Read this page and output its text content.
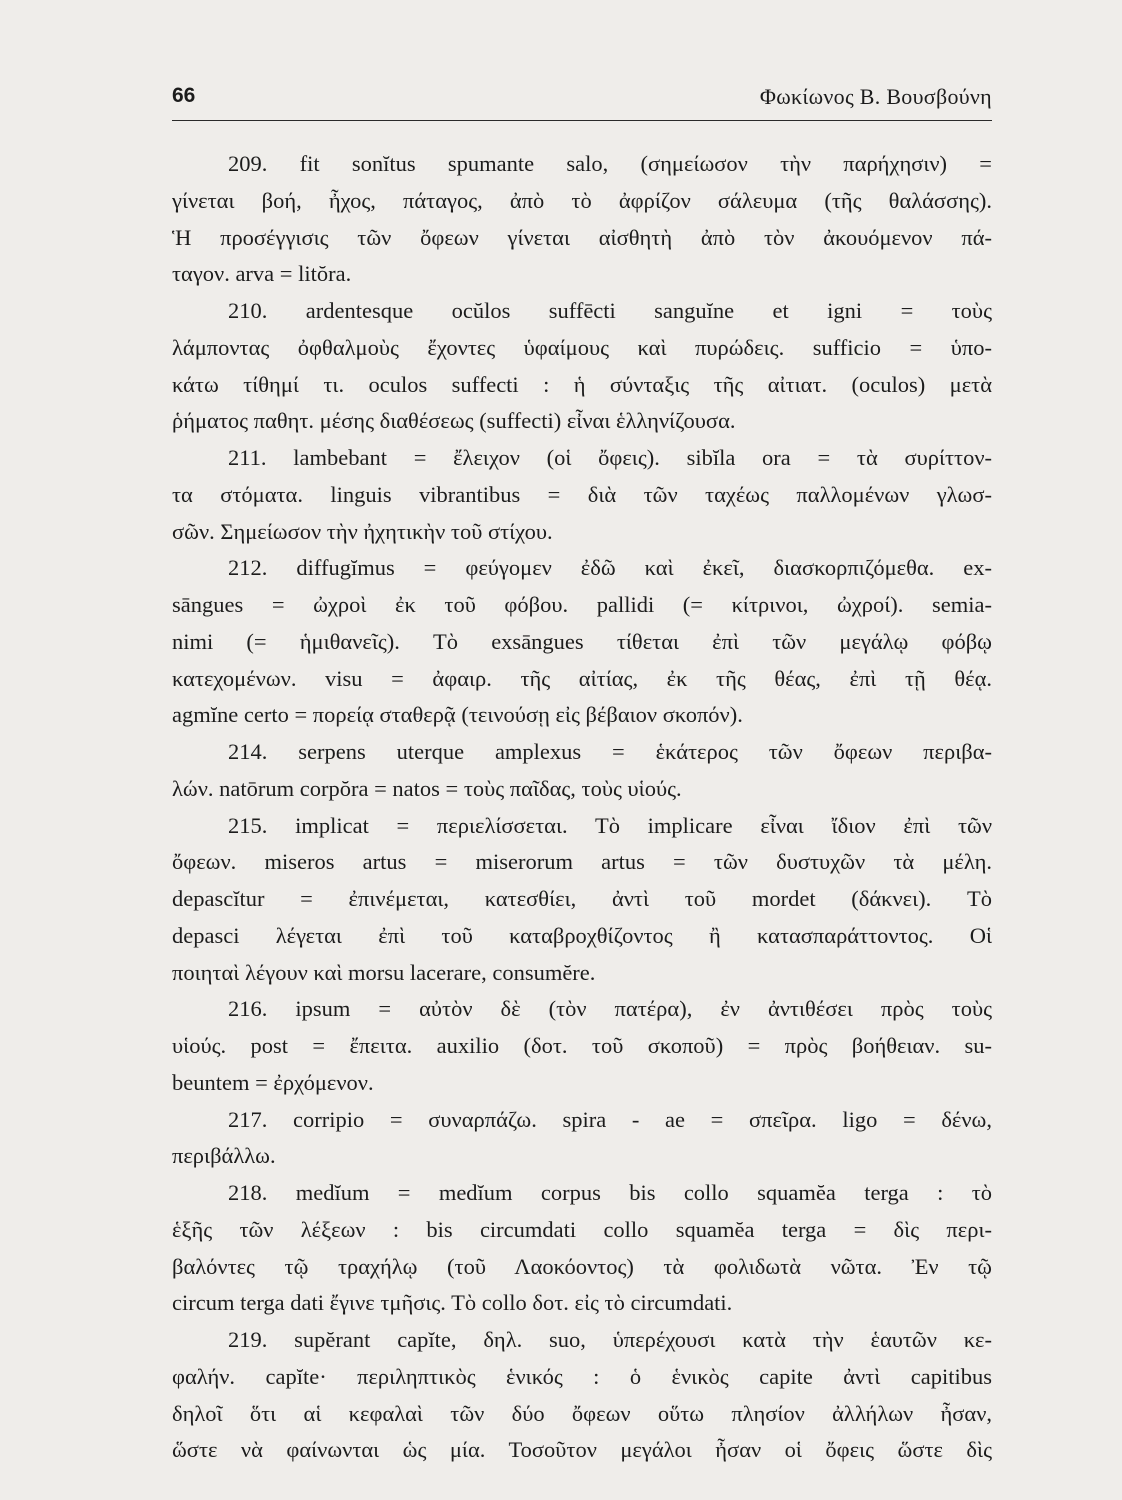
66	Φωκίωνος Β. Βουσβούνη
209. fit sonĭtus spumante salo, (σημείωσον τὴν παρήχησιν) =
γίνεται βοή, ἦχος, πάταγος, ἀπὸ τὸ ἀφρίζον σάλευμα (τῆς θαλάσσης).
Ἡ προσέγγισις τῶν ὄφεων γίνεται αἰσθητὴ ἀπὸ τὸν ἀκουόμενον πά-
ταγον. arva = litŏra.
210. ardentesque ocŭlos suffēcti sanguĭne et igni = τοὺς
λάμποντας ὀφθαλμοὺς ἔχοντες ὑφαίμους καὶ πυρώδεις. sufficio = ὑπο-
κάτω τίθημί τι. oculos suffecti : ἡ σύνταξις τῆς αἰτιατ. (oculos) μετὰ
ῥήματος παθητ. μέσης διαθέσεως (suffecti) εἶναι ἑλληνίζουσα.
211. lambebant = ἔλειχον (οἱ ὄφεις). sibĭla ora = τὰ συρίττον-
τα στόματα. linguis vibrantibus = διὰ τῶν ταχέως παλλομένων γλωσ-
σῶν. Σημείωσον τὴν ἠχητικὴν τοῦ στίχου.
212. diffugĭmus = φεύγομεν ἐδῶ καὶ ἐκεῖ, διασκορπιζόμεθα. ex-
sāngues = ὠχροὶ ἐκ τοῦ φόβου. pallidi (= κίτρινοι, ὠχροί). semia-
nimi (= ἡμιθανεῖς). Τὸ exsāngues τίθεται ἐπὶ τῶν μεγάλῳ φόβῳ
κατεχομένων. visu = ἀφαιρ. τῆς αἰτίας, ἐκ τῆς θέας, ἐπὶ τῇ θέᾳ.
agmĭne certo = πορείᾳ σταθερᾷ (τεινούσῃ εἰς βέβαιον σκοπόν).
214. serpens uterque amplexus = ἑκάτερος τῶν ὄφεων περιβα-
λών. natōrum corpŏra = natos = τοὺς παῖδας, τοὺς υἱούς.
215. implicat = περιελίσσεται. Τὸ implicare εἶναι ἴδιον ἐπὶ τῶν
ὄφεων. miseros artus = miserorum artus = τῶν δυστυχῶν τὰ μέλη.
depascĭtur = ἐπινέμεται, κατεσθίει, ἀντὶ τοῦ mordet (δάκνει). Τὸ
depasci λέγεται ἐπὶ τοῦ καταβροχθίζοντος ἢ κατασπαράττοντος. Οἱ
ποιηταὶ λέγουν καὶ morsu lacerare, consumĕre.
216. ipsum = αὐτὸν δὲ (τὸν πατέρα), ἐν ἀντιθέσει πρὸς τοὺς
υἱούς. post = ἔπειτα. auxilio (δοτ. τοῦ σκοποῦ) = πρὸς βοήθειαν. su-
beuntem = ἐρχόμενον.
217. corripio = συναρπάζω. spira - ae = σπεῖρα. ligo = δένω,
περιβάλλω.
218. medĭum = medĭum corpus bis collo squamĕa terga : τὸ
ἑξῆς τῶν λέξεων : bis circumdati collo squamĕa terga = δὶς περι-
βαλόντες τῷ τραχήλῳ (τοῦ Λαοκόοντος) τὰ φολιδωτὰ νῶτα. Ἐν τῷ
circum terga dati ἔγινε τμῆσις. Τὸ collo δοτ. εἰς τὸ circumdati.
219. supĕrant capĭte, δηλ. suo, ὑπερέχουσι κατὰ τὴν ἑαυτῶν κε-
φαλήν. capĭte· περιληπτικὸς ἑνικός : ὁ ἑνικὸς capite ἀντὶ capitibus
δηλοῖ ὅτι αἱ κεφαλαὶ τῶν δύο ὄφεων οὕτω πλησίον ἀλλήλων ἦσαν,
ὥστε νὰ φαίνωνται ὡς μία. Τοσοῦτον μεγάλοι ἦσαν οἱ ὄφεις ὥστε δὶς
